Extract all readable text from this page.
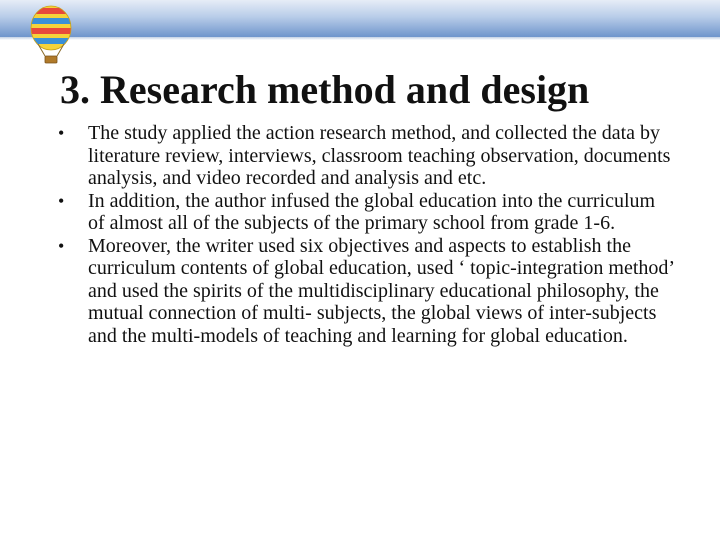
3. Research method and design
• The study applied the action research method, and collected the data by literature review, interviews, classroom teaching observation, documents analysis, and video recorded and analysis and etc.
• In addition, the author infused the global education into the curriculum of almost all of the subjects of the primary school from grade 1-6.
• Moreover, the writer used six objectives and aspects to establish the curriculum contents of global education, used ‘ topic-integration method’ and used the spirits of the multidisciplinary educational philosophy, the mutual connection of multi- subjects, the global views of inter-subjects and the multi-models of teaching and learning for global education.
